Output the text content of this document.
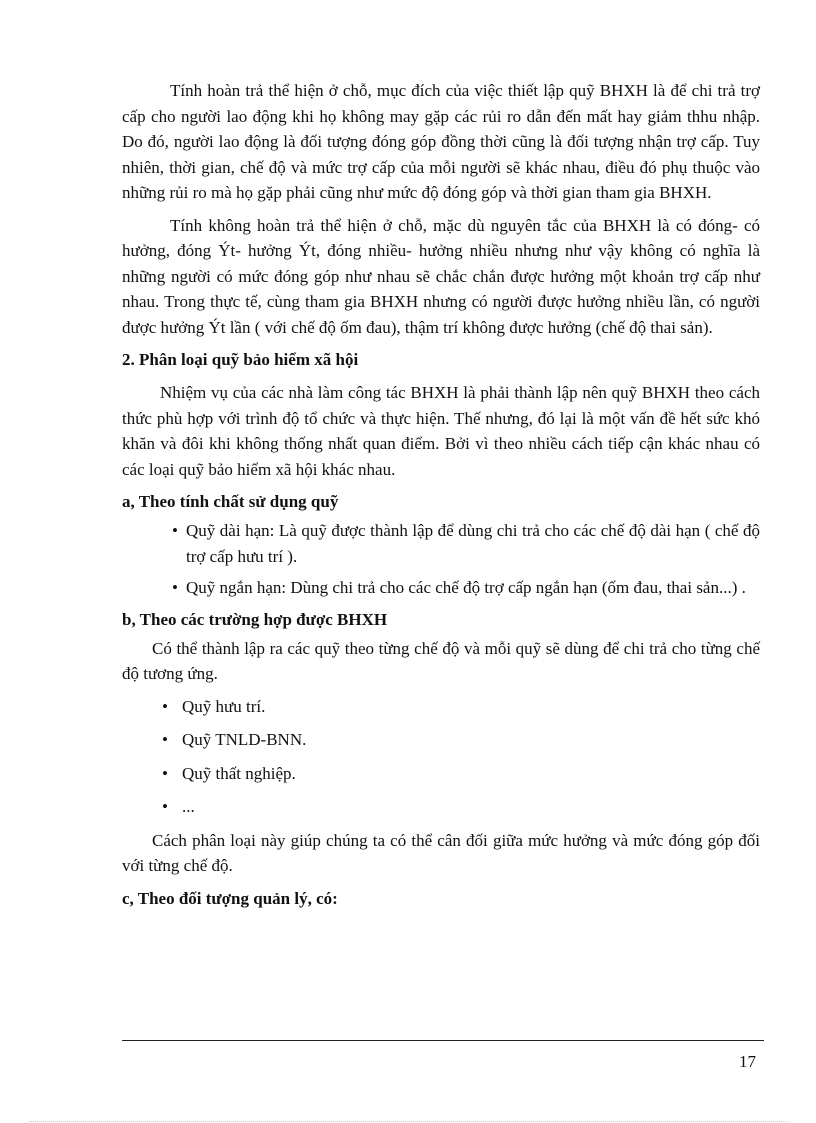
Tính hoàn trả thể hiện ở chỗ, mục đích của việc thiết lập quỹ BHXH là để chi trả trợ cấp cho người lao động khi họ không may gặp các rủi ro dẫn đến mất hay giảm thhu nhập. Do đó, người lao động là đối tượng đóng góp đồng thời cũng là đối tượng nhận trợ cấp. Tuy nhiên, thời gian, chế độ và mức trợ cấp của mỗi người sẽ khác nhau, điều đó phụ thuộc vào những rủi ro mà họ gặp phải cũng như mức độ đóng góp và thời gian tham gia BHXH.

Tính không hoàn trả thể hiện ở chỗ, mặc dù nguyên tắc của BHXH là có đóng- có hưởng, đóng Ýt- hưởng Ýt, đóng nhiều- hưởng nhiều nhưng như vậy không có nghĩa là những người có mức đóng góp như nhau sẽ chắc chắn được hưởng một khoản trợ cấp như nhau. Trong thực tế, cùng tham gia BHXH nhưng có người được hưởng nhiều lần, có người được hưởng Ýt lần ( với chế độ ốm đau), thậm trí không được hưởng (chế độ thai sản).

2. Phân loại quỹ bảo hiểm xã hội

Nhiệm vụ của các nhà làm công tác BHXH là phải thành lập nên quỹ BHXH theo cách thức phù hợp với trình độ tổ chức và thực hiện. Thế nhưng, đó lại là một vấn đề hết sức khó khăn và đôi khi không thống nhất quan điểm. Bởi vì theo nhiều cách tiếp cận khác nhau có các loại quỹ bảo hiểm xã hội khác nhau.

a, Theo tính chất sử dụng quỹ
• Quỹ dài hạn: Là quỹ được thành lập để dùng chi trả cho các chế độ dài hạn ( chế độ trợ cấp hưu trí ).
• Quỹ ngắn hạn: Dùng chi trả cho các chế độ trợ cấp ngắn hạn (ốm đau, thai sản...) .
b, Theo các trường hợp được BHXH

Có thể thành lập ra các quỹ theo từng chế độ và mỗi quỹ sẽ dùng để chi trả cho từng chế độ tương ứng.

• Quỹ hưu trí.
• Quỹ TNLD-BNN.
• Quỹ thất nghiệp.
• ...

Cách phân loại này giúp chúng ta có thể cân đối giữa mức hưởng và mức đóng góp đối với từng chế độ.

c, Theo đối tượng quản lý, có:
17
